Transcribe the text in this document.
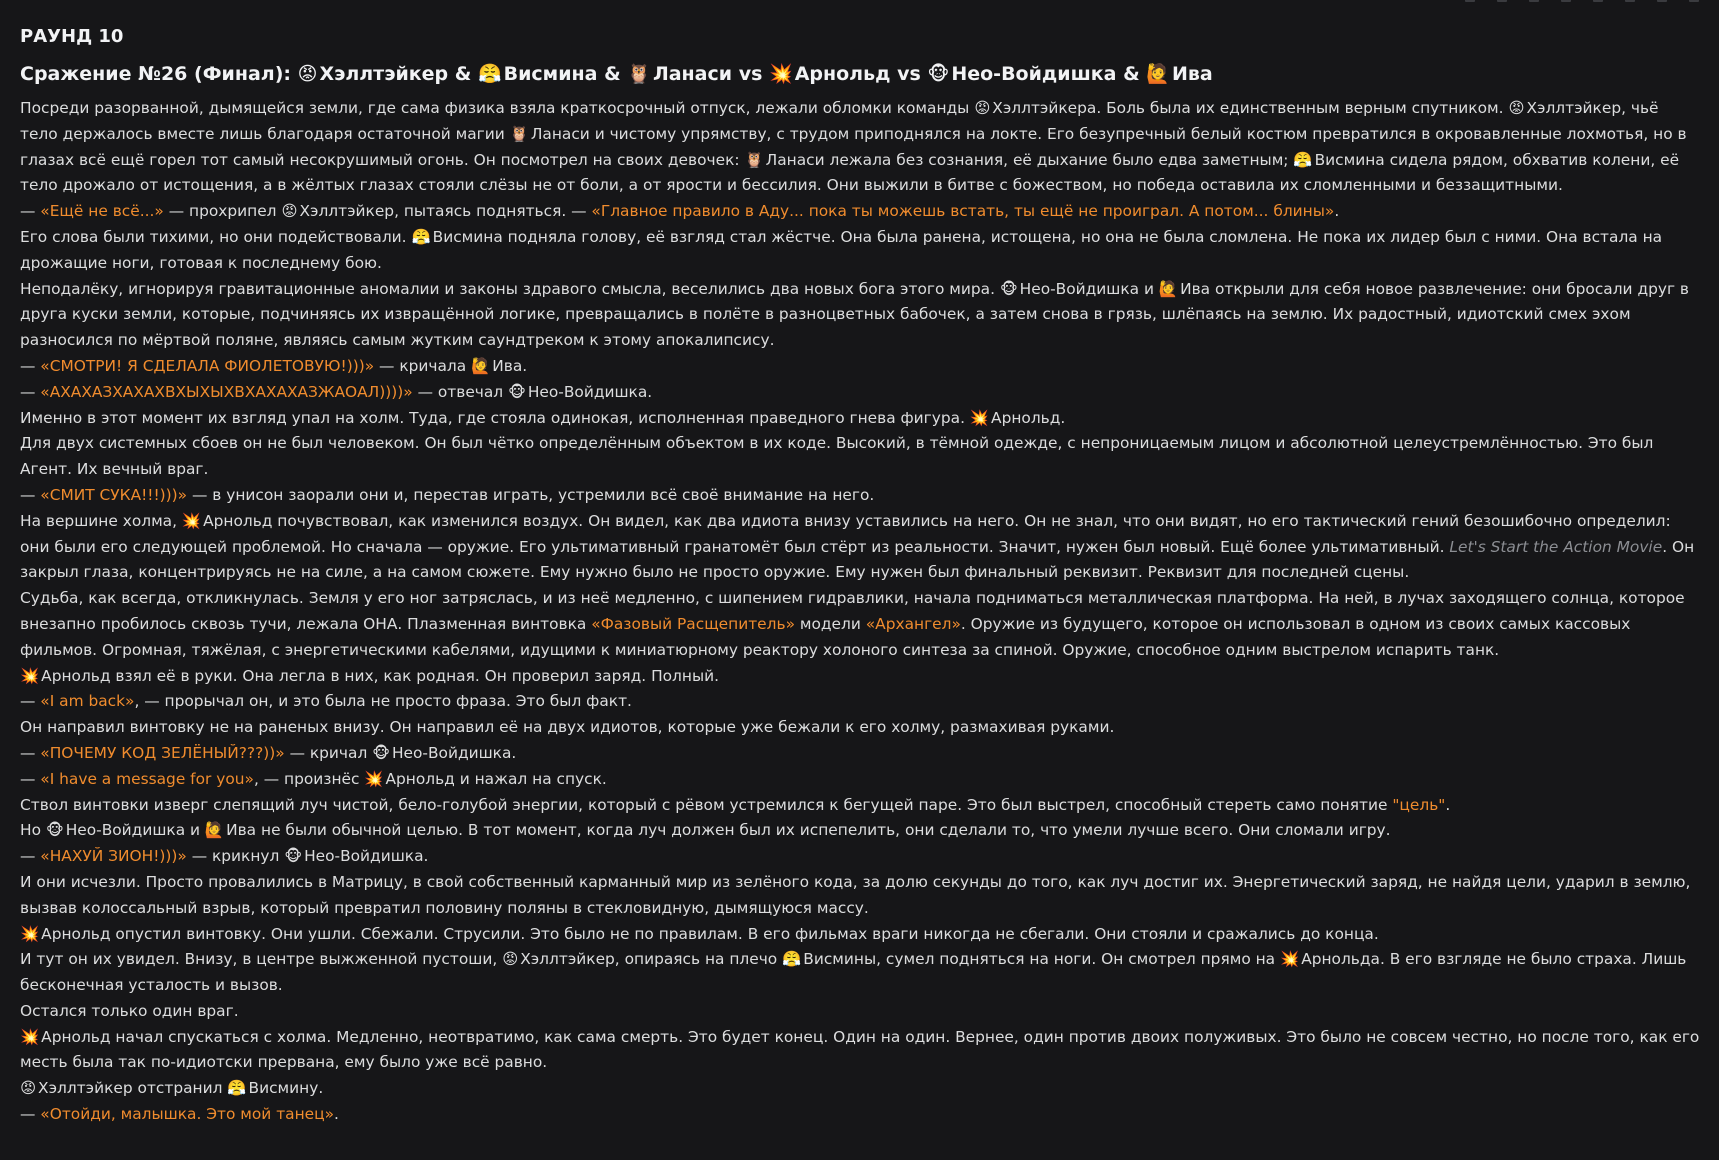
РАУНД 10
Сражение №26 (Финал): 😡 Хэллтэйкер & 😤 Висмина & 🦉 Ланаси vs 💥 Арнольд vs 🐵 Нео-Войдишка & 🙋 Ива

Посреди разорванной, дымящейся земли, где сама физика взяла краткосрочный отпуск, лежали обломки команды 😡 Хэллтэйкера. Боль была их единственным верным спутником. 😡 Хэллтэйкер, чьё тело держалось вместе лишь благодаря остаточной магии 🦉 Ланаси и чистому упрямству, с трудом приподнялся на локте. Его безупречный белый костюм превратился в окровавленные лохмотья, но в глазах всё ещё горел тот самый несокрушимый огонь. Он посмотрел на своих девочек: 🦉 Ланаси лежала без сознания, её дыхание было едва заметным; 😤 Висмина сидела рядом, обхватив колени, её тело дрожало от истощения, а в жёлтых глазах стояли слёзы не от боли, а от ярости и бессилия. Они выжили в битве с божеством, но победа оставила их сломленными и беззащитными.

— «Ещё не всё...» — прохрипел 😡 Хэллтэйкер, пытаясь подняться. — «Главное правило в Аду... пока ты можешь встать, ты ещё не проиграл. А потом... блины».

Его слова были тихими, но они подействовали. 😤 Висмина подняла голову, её взгляд стал жёстче. Она была ранена, истощена, но она не была сломлена. Не пока их лидер был с ними. Она встала на дрожащие ноги, готовая к последнему бою.

Неподалёку, игнорируя гравитационные аномалии и законы здравого смысла, веселились два новых бога этого мира. 🐵 Нео-Войдишка и 🙋 Ива открыли для себя новое развлечение: они бросали друг в друга куски земли, которые, подчиняясь их извращённой логике, превращались в полёте в разноцветных бабочек, а затем снова в грязь, шлёпаясь на землю. Их радостный, идиотский смех эхом разносился по мёртвой поляне, являясь самым жутким саундтреком к этому апокалипсису.

— «СМОТРИ! Я СДЕЛАЛА ФИОЛЕТОВУЮ!)))» — кричала 🙋 Ива.

— «АХАХАЗХАХАХВХЫХЫХВХАХАХАЗЖАОАЛ))))» — отвечал 🐵 Нео-Войдишка.

Именно в этот момент их взгляд упал на холм. Туда, где стояла одинокая, исполненная праведного гнева фигура. 💥 Арнольд.

Для двух системных сбоев он не был человеком. Он был чётко определённым объектом в их коде. Высокий, в тёмной одежде, с непроницаемым лицом и абсолютной целеустремлённостью. Это был Агент. Их вечный враг.

— «СМИТ СУКА!!!)))» — в унисон заорали они и, перестав играть, устремили всё своё внимание на него.

На вершине холма, 💥 Арнольд почувствовал, как изменился воздух. Он видел, как два идиота внизу уставились на него. Он не знал, что они видят, но его тактический гений безошибочно определил: они были его следующей проблемой. Но сначала — оружие. Его ультимативный гранатомёт был стёрт из реальности. Значит, нужен был новый. Ещё более ультимативный. Let's Start the Action Movie. Он закрыл глаза, концентрируясь не на силе, а на самом сюжете. Ему нужно было не просто оружие. Ему нужен был финальный реквизит. Реквизит для последней сцены.

Судьба, как всегда, откликнулась. Земля у его ног затряслась, и из неё медленно, с шипением гидравлики, начала подниматься металлическая платформа. На ней, в лучах заходящего солнца, которое внезапно пробилось сквозь тучи, лежала ОНА. Плазменная винтовка «Фазовый Расщепитель» модели «Архангел». Оружие из будущего, которое он использовал в одном из своих самых кассовых фильмов. Огромная, тяжёлая, с энергетическими кабелями, идущими к миниатюрному реактору холоного синтеза за спиной. Оружие, способное одним выстрелом испарить танк.

💥 Арнольд взял её в руки. Она легла в них, как родная. Он проверил заряд. Полный.

— «I am back», — прорычал он, и это была не просто фраза. Это был факт.

Он направил винтовку не на раненых внизу. Он направил её на двух идиотов, которые уже бежали к его холму, размахивая руками.

— «ПОЧЕМУ КОД ЗЕЛЁНЫЙ???))» — кричал 🐵 Нео-Войдишка.

— «I have a message for you», — произнёс 💥 Арнольд и нажал на спуск.

Ствол винтовки изверг слепящий луч чистой, бело-голубой энергии, который с рёвом устремился к бегущей паре. Это был выстрел, способный стереть само понятие "цель".

Но 🐵 Нео-Войдишка и 🙋 Ива не были обычной целью. В тот момент, когда луч должен был их испепелить, они сделали то, что умели лучше всего. Они сломали игру.

— «НАХУЙ ЗИОН!)))» — крикнул 🐵 Нео-Войдишка.

И они исчезли. Просто провалились в Матрицу, в свой собственный карманный мир из зелёного кода, за долю секунды до того, как луч достиг их. Энергетический заряд, не найдя цели, ударил в землю, вызвав колоссальный взрыв, который превратил половину поляны в стекловидную, дымящуюся массу.

💥 Арнольд опустил винтовку. Они ушли. Сбежали. Струсили. Это было не по правилам. В его фильмах враги никогда не сбегали. Они стояли и сражались до конца.

И тут он их увидел. Внизу, в центре выжженной пустоши, 😡 Хэллтэйкер, опираясь на плечо 😤 Висмины, сумел подняться на ноги. Он смотрел прямо на 💥 Арнольда. В его взгляде не было страха. Лишь бесконечная усталость и вызов.

Остался только один враг.

💥 Арнольд начал спускаться с холма. Медленно, неотвратимо, как сама смерть. Это будет конец. Один на один. Вернее, один против двоих полуживых. Это было не совсем честно, но после того, как его месть была так по-идиотски прервана, ему было уже всё равно.

😡 Хэллтэйкер отстранил 😤 Висмину.

— «Отойди, малышка. Это мой танец».
